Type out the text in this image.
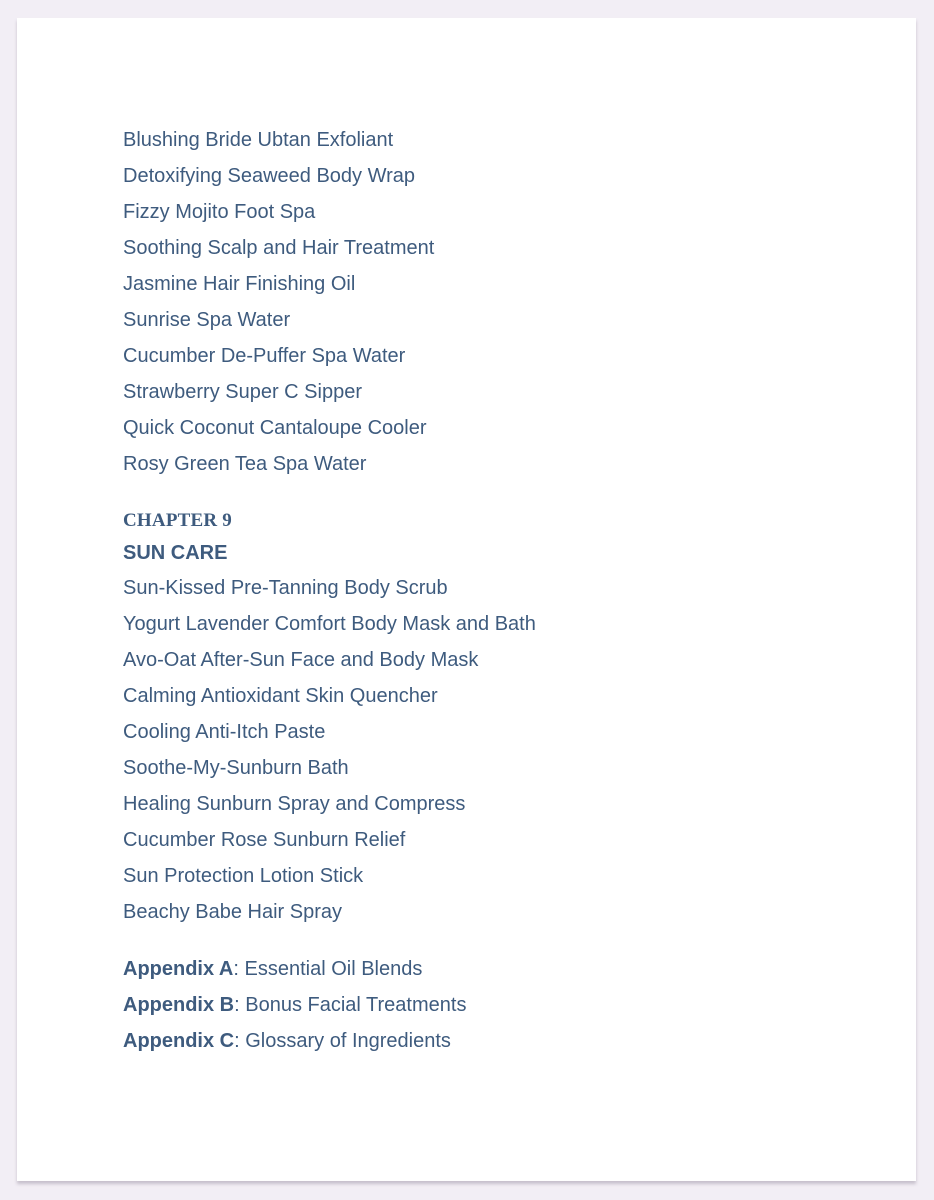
Blushing Bride Ubtan Exfoliant
Detoxifying Seaweed Body Wrap
Fizzy Mojito Foot Spa
Soothing Scalp and Hair Treatment
Jasmine Hair Finishing Oil
Sunrise Spa Water
Cucumber De-Puffer Spa Water
Strawberry Super C Sipper
Quick Coconut Cantaloupe Cooler
Rosy Green Tea Spa Water
CHAPTER 9
SUN CARE
Sun-Kissed Pre-Tanning Body Scrub
Yogurt Lavender Comfort Body Mask and Bath
Avo-Oat After-Sun Face and Body Mask
Calming Antioxidant Skin Quencher
Cooling Anti-Itch Paste
Soothe-My-Sunburn Bath
Healing Sunburn Spray and Compress
Cucumber Rose Sunburn Relief
Sun Protection Lotion Stick
Beachy Babe Hair Spray
Appendix A: Essential Oil Blends
Appendix B: Bonus Facial Treatments
Appendix C: Glossary of Ingredients
